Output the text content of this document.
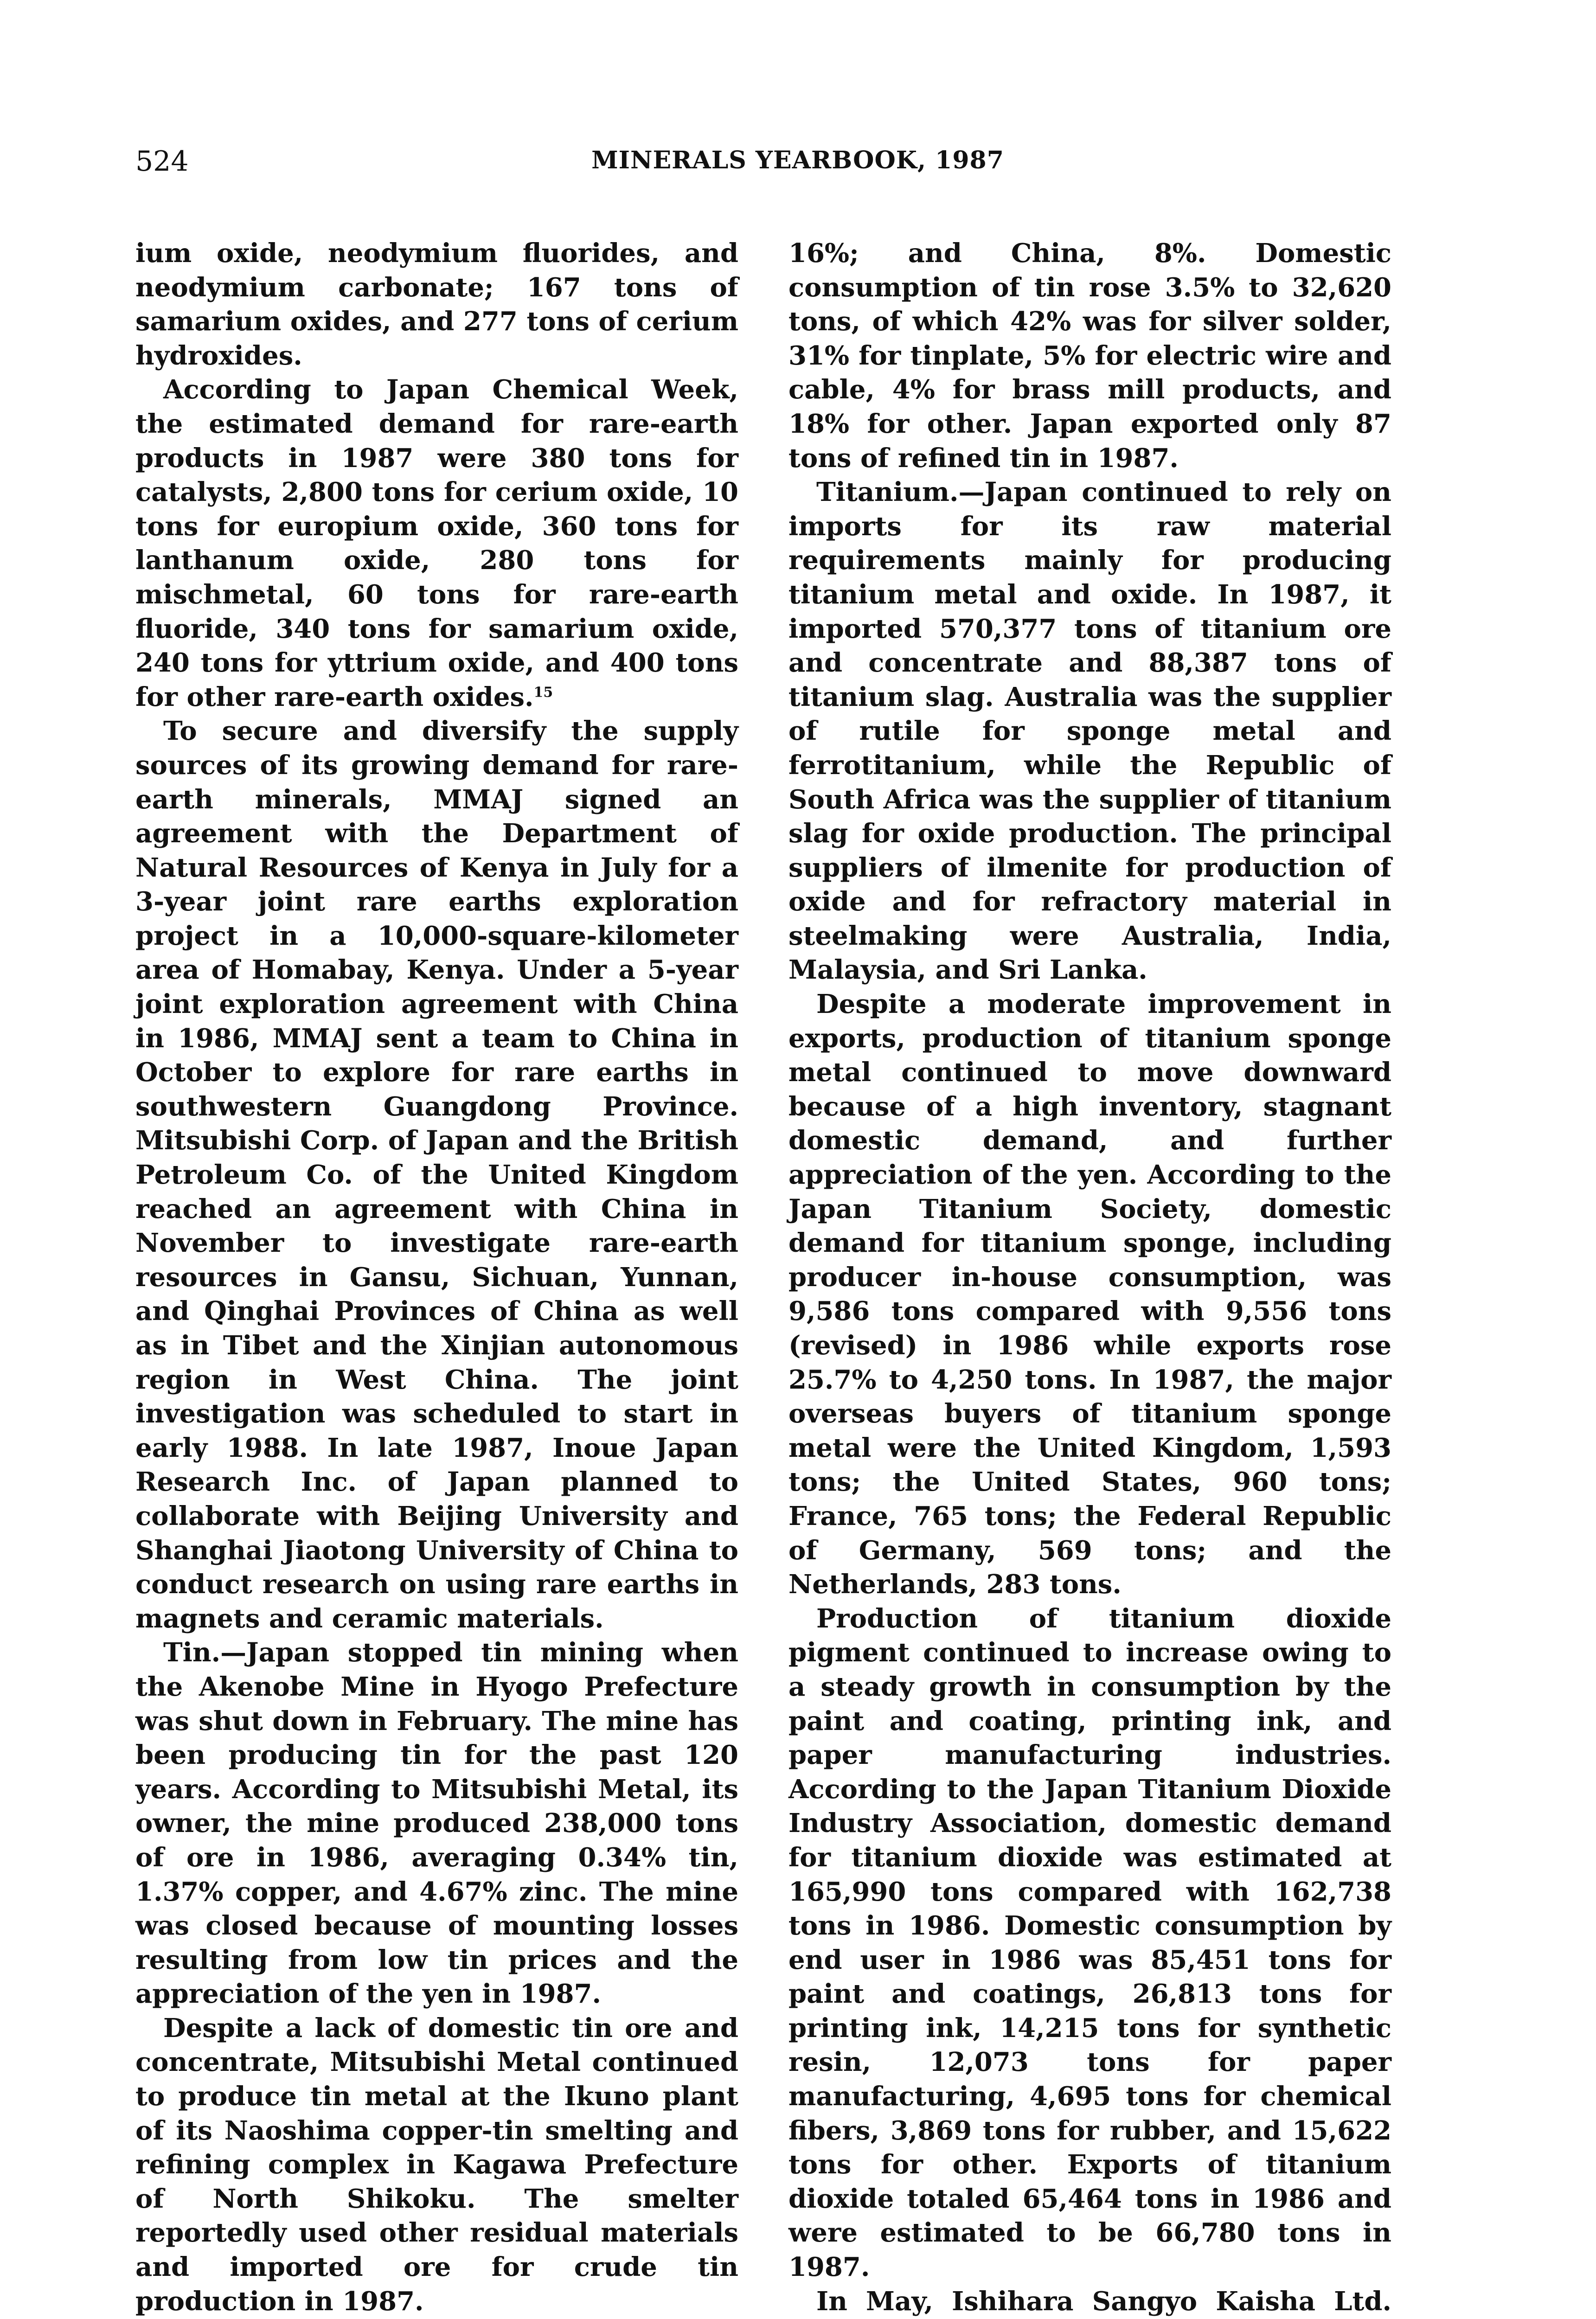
524	MINERALS YEARBOOK, 1987

ium oxide, neodymium fluorides, and neodymium carbonate; 167 tons of samarium oxides, and 277 tons of cerium hydroxides.

According to Japan Chemical Week, the estimated demand for rare-earth products in 1987 were 380 tons for catalysts, 2,800 tons for cerium oxide, 10 tons for europium oxide, 360 tons for lanthanum oxide, 280 tons for mischmetal, 60 tons for rare-earth fluoride, 340 tons for samarium oxide, 240 tons for yttrium oxide, and 400 tons for other rare-earth oxides.$^{15}$

To secure and diversify the supply sources of its growing demand for rare-earth minerals, MMAJ signed an agreement with the Department of Natural Resources of Kenya in July for a 3-year joint rare earths exploration project in a 10,000-square-kilometer area of Homabay, Kenya. Under a 5-year joint exploration agreement with China in 1986, MMAJ sent a team to China in October to explore for rare earths in southwestern Guangdong Province. Mitsubishi Corp. of Japan and the British Petroleum Co. of the United Kingdom reached an agreement with China in November to investigate rare-earth resources in Gansu, Sichuan, Yunnan, and Qinghai Provinces of China as well as in Tibet and the Xinjian autonomous region in West China. The joint investigation was scheduled to start in early 1988. In late 1987, Inoue Japan Research Inc. of Japan planned to collaborate with Beijing University and Shanghai Jiaotong University of China to conduct research on using rare earths in magnets and ceramic materials.

Tin.—Japan stopped tin mining when the Akenobe Mine in Hyogo Prefecture was shut down in February. The mine has been producing tin for the past 120 years. According to Mitsubishi Metal, its owner, the mine produced 238,000 tons of ore in 1986, averaging 0.34% tin, 1.37% copper, and 4.67% zinc. The mine was closed because of mounting losses resulting from low tin prices and the appreciation of the yen in 1987.

Despite a lack of domestic tin ore and concentrate, Mitsubishi Metal continued to produce tin metal at the Ikuno plant of its Naoshima copper-tin smelting and refining complex in Kagawa Prefecture of North Shikoku. The smelter reportedly used other residual materials and imported ore for crude tin production in 1987.

16%; and China, 8%. Domestic consumption of tin rose 3.5% to 32,620 tons, of which 42% was for silver solder, 31% for tinplate, 5% for electric wire and cable, 4% for brass mill products, and 18% for other. Japan exported only 87 tons of refined tin in 1987.

Titanium.—Japan continued to rely on imports for its raw material requirements mainly for producing titanium metal and oxide. In 1987, it imported 570,377 tons of titanium ore and concentrate and 88,387 tons of titanium slag. Australia was the supplier of rutile for sponge metal and ferrotitanium, while the Republic of South Africa was the supplier of titanium slag for oxide production. The principal suppliers of ilmenite for production of oxide and for refractory material in steelmaking were Australia, India, Malaysia, and Sri Lanka.

Despite a moderate improvement in exports, production of titanium sponge metal continued to move downward because of a high inventory, stagnant domestic demand, and further appreciation of the yen. According to the Japan Titanium Society, domestic demand for titanium sponge, including producer in-house consumption, was 9,586 tons compared with 9,556 tons (revised) in 1986 while exports rose 25.7% to 4,250 tons. In 1987, the major overseas buyers of titanium sponge metal were the United Kingdom, 1,593 tons; the United States, 960 tons; France, 765 tons; the Federal Republic of Germany, 569 tons; and the Netherlands, 283 tons.

Production of titanium dioxide pigment continued to increase owing to a steady growth in consumption by the paint and coating, printing ink, and paper manufacturing industries. According to the Japan Titanium Dioxide Industry Association, domestic demand for titanium dioxide was estimated at 165,990 tons compared with 162,738 tons in 1986. Domestic consumption by end user in 1986 was 85,451 tons for paint and coatings, 26,813 tons for printing ink, 14,215 tons for synthetic resin, 12,073 tons for paper manufacturing, 4,695 tons for chemical fibers, 3,869 tons for rubber, and 15,622 tons for other. Exports of titanium dioxide totaled 65,464 tons in 1986 and were estimated to be 66,780 tons in 1987.

In May, Ishihara Sangyo Kaisha Ltd.
